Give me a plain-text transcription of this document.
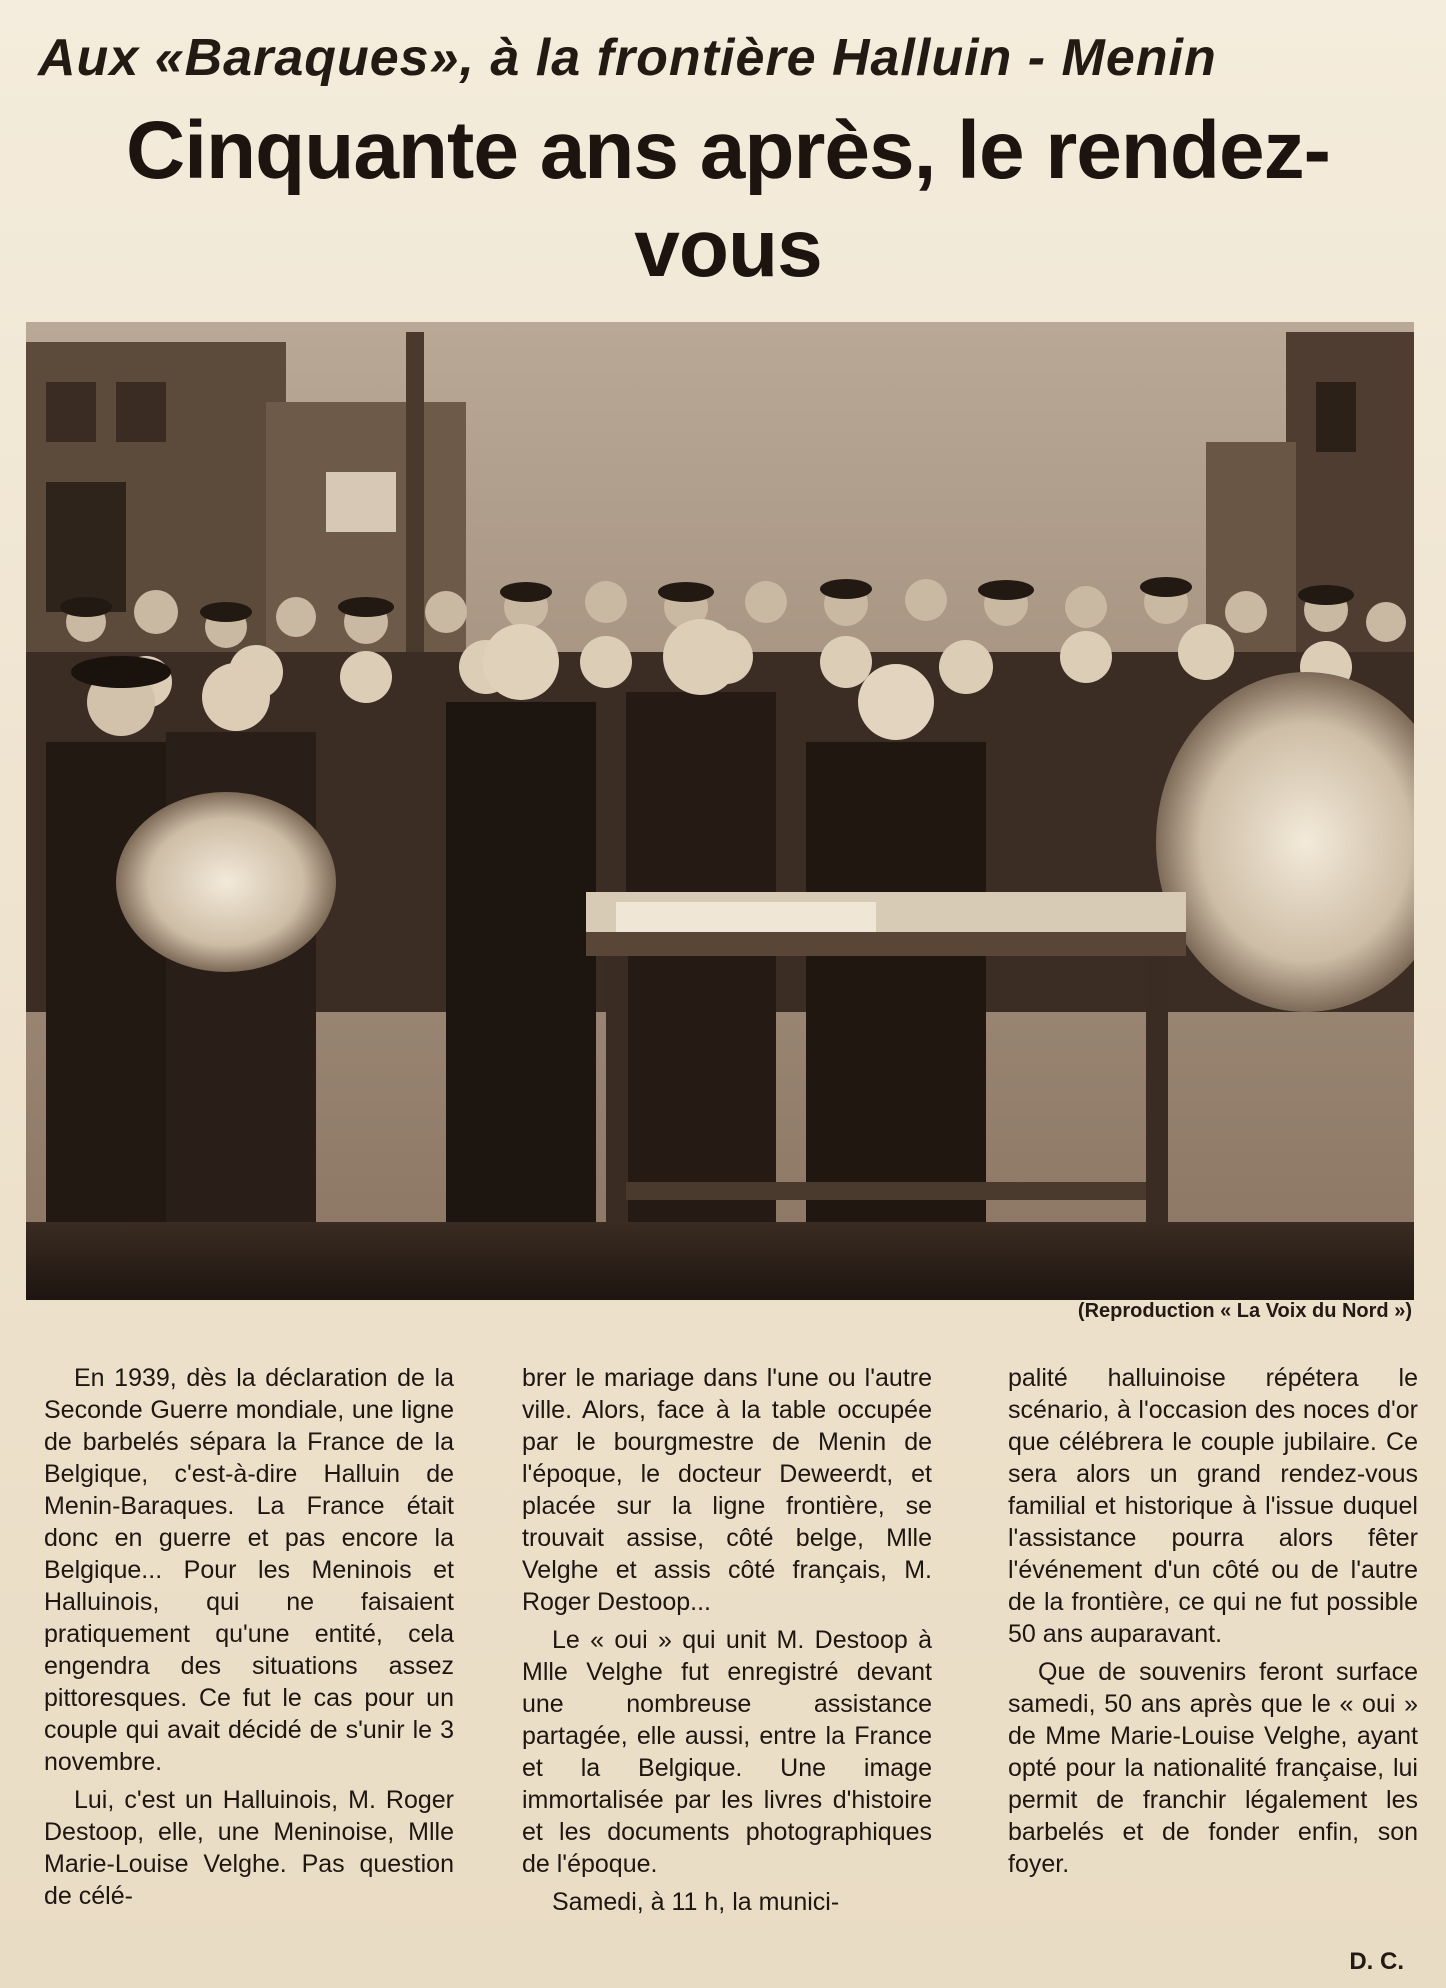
Aux «Baraques», à la frontière Halluin - Menin
Cinquante ans après, le rendez-vous
(Reproduction « La Voix du Nord »)

En 1939, dès la déclaration de la Seconde Guerre mondiale, une ligne de barbelés sépara la France de la Belgique, c'est-à-dire Halluin de Menin-Baraques. La France était donc en guerre et pas encore la Belgique... Pour les Meninois et Halluinois, qui ne faisaient pratiquement qu'une entité, cela engendra des situations assez pittoresques. Ce fut le cas pour un couple qui avait décidé de s'unir le 3 novembre.

Lui, c'est un Halluinois, M. Roger Destoop, elle, une Meninoise, Mlle Marie-Louise Velghe. Pas question de célé-

brer le mariage dans l'une ou l'autre ville. Alors, face à la table occupée par le bourgmestre de Menin de l'époque, le docteur Deweerdt, et placée sur la ligne frontière, se trouvait assise, côté belge, Mlle Velghe et assis côté français, M. Roger Destoop...

Le « oui » qui unit M. Destoop à Mlle Velghe fut enregistré devant une nombreuse assistance partagée, elle aussi, entre la France et la Belgique. Une image immortalisée par les livres d'histoire et les documents photographiques de l'époque.

Samedi, à 11 h, la munici-

palité halluinoise répétera le scénario, à l'occasion des noces d'or que célébrera le couple jubilaire. Ce sera alors un grand rendez-vous familial et historique à l'issue duquel l'assistance pourra alors fêter l'événement d'un côté ou de l'autre de la frontière, ce qui ne fut possible 50 ans auparavant.

Que de souvenirs feront surface samedi, 50 ans après que le « oui » de Mme Marie-Louise Velghe, ayant opté pour la nationalité française, lui permit de franchir légalement les barbelés et de fonder enfin, son foyer.

D. C.
